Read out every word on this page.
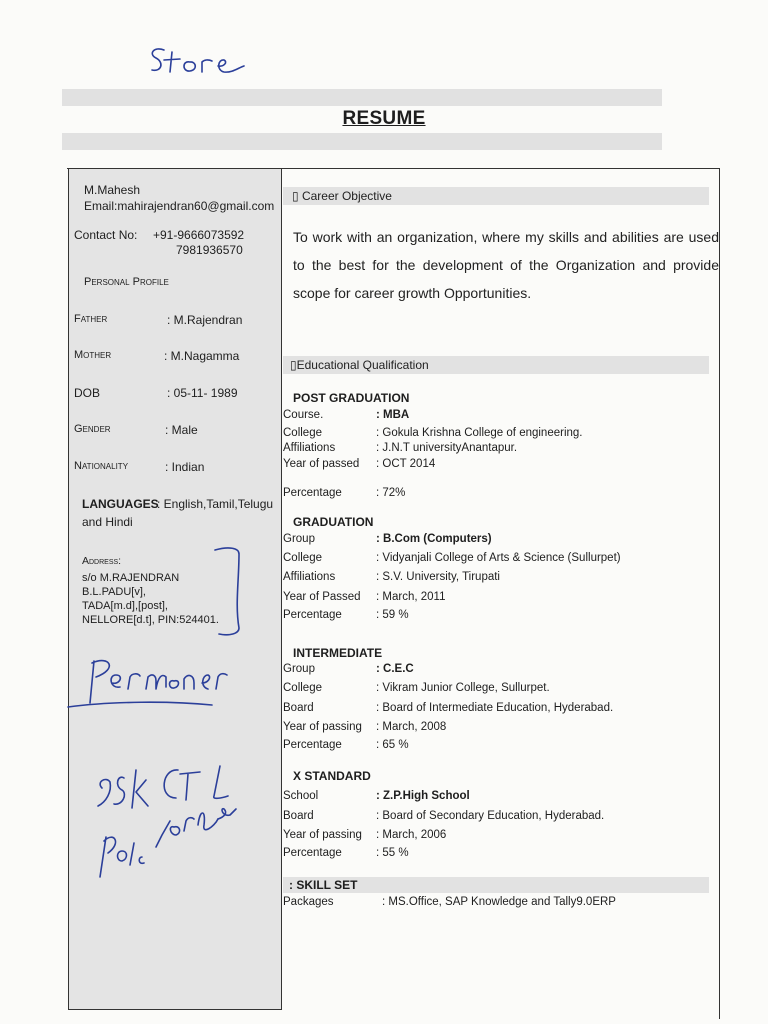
RESUME
M.Mahesh
Email:mahirajendran60@gmail.com
Contact No: +91-9666073592
7981936570
Personal Profile
Father	: M.Rajendran
Mother	: M.Nagamma
DOB	: 05-11- 1989
Gender	: Male
Nationality	: Indian
LANGUAGES
: English,Tamil,Telugu
and Hindi
Address:
s/o M.RAJENDRAN
B.L.PADU[v],
TADA[m.d],[post],
NELLORE[d.t], PIN:524401.
▯ Career Objective
To work with an organization, where my skills and abilities are used to the best for the development of the Organization and provide scope for career growth Opportunities.
▯Educational Qualification
POST GRADUATION
Course.	: MBA
College	: Gokula Krishna College of engineering.
Affiliations	: J.N.T universityAnantapur.
Year of passed : OCT 2014
Percentage	: 72%
GRADUATION
Group	: B.Com (Computers)
College	: Vidyanjali College of Arts & Science (Sullurpet)
Affiliations	: S.V. University, Tirupati
Year of Passed : March, 2011
Percentage	: 59 %
INTERMEDIATE
Group	: C.E.C
College	: Vikram Junior College, Sullurpet.
Board	: Board of Intermediate Education, Hyderabad.
Year of passing : March, 2008
Percentage	: 65 %
X STANDARD
School	: Z.P.High School
Board	: Board of Secondary Education, Hyderabad.
Year of passing : March, 2006
Percentage	: 55 %
: SKILL SET
Packages	: MS.Office, SAP Knowledge and Tally9.0ERP
